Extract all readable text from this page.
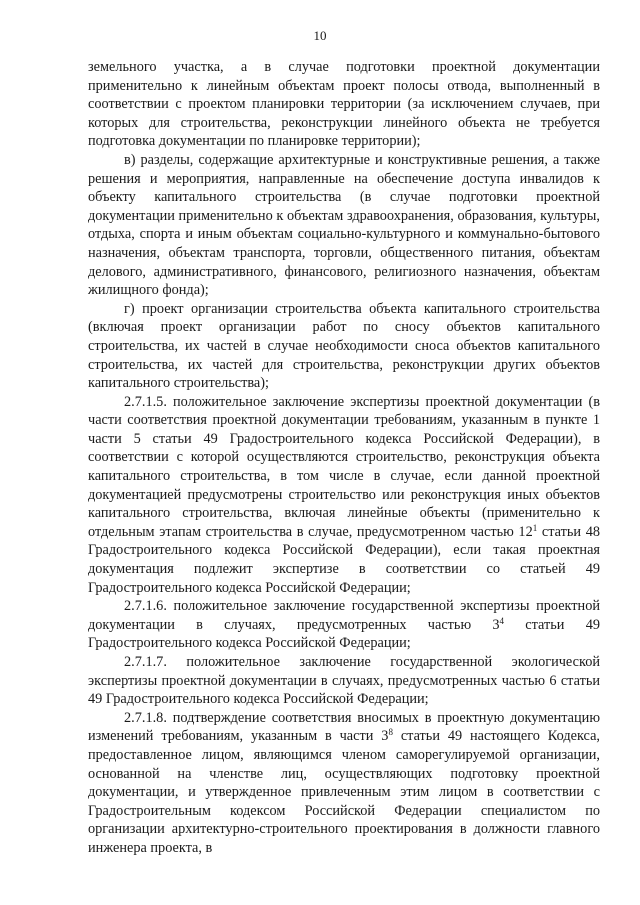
10

земельного участка, а в случае подготовки проектной документации применительно к линейным объектам проект полосы отвода, выполненный в соответствии с проектом планировки территории (за исключением случаев, при которых для строительства, реконструкции линейного объекта не требуется подготовка документации по планировке территории);

в) разделы, содержащие архитектурные и конструктивные решения, а также решения и мероприятия, направленные на обеспечение доступа инвалидов к объекту капитального строительства (в случае подготовки проектной документации применительно к объектам здравоохранения, образования, культуры, отдыха, спорта и иным объектам социально-культурного и коммунально-бытового назначения, объектам транспорта, торговли, общественного питания, объектам делового, административного, финансового, религиозного назначения, объектам жилищного фонда);

г) проект организации строительства объекта капитального строительства (включая проект организации работ по сносу объектов капитального строительства, их частей в случае необходимости сноса объектов капитального строительства, их частей для строительства, реконструкции других объектов капитального строительства);

2.7.1.5. положительное заключение экспертизы проектной документации (в части соответствия проектной документации требованиям, указанным в пункте 1 части 5 статьи 49 Градостроительного кодекса Российской Федерации), в соответствии с которой осуществляются строительство, реконструкция объекта капитального строительства, в том числе в случае, если данной проектной документацией предусмотрены строительство или реконструкция иных объектов капитального строительства, включая линейные объекты (применительно к отдельным этапам строительства в случае, предусмотренном частью $12^1$ статьи 48 Градостроительного кодекса Российской Федерации), если такая проектная документация подлежит экспертизе в соответствии со статьей 49 Градостроительного кодекса Российской Федерации;

2.7.1.6. положительное заключение государственной экспертизы проектной документации в случаях, предусмотренных частью $3^4$ статьи 49 Градостроительного кодекса Российской Федерации;

2.7.1.7. положительное заключение государственной экологической экспертизы проектной документации в случаях, предусмотренных частью 6 статьи 49 Градостроительного кодекса Российской Федерации;

2.7.1.8. подтверждение соответствия вносимых в проектную документацию изменений требованиям, указанным в части $3^8$ статьи 49 настоящего Кодекса, предоставленное лицом, являющимся членом саморегулируемой организации, основанной на членстве лиц, осуществляющих подготовку проектной документации, и утвержденное привлеченным этим лицом в соответствии с Градостроительным кодексом Российской Федерации специалистом по организации архитектурно-строительного проектирования в должности главного инженера проекта, в
